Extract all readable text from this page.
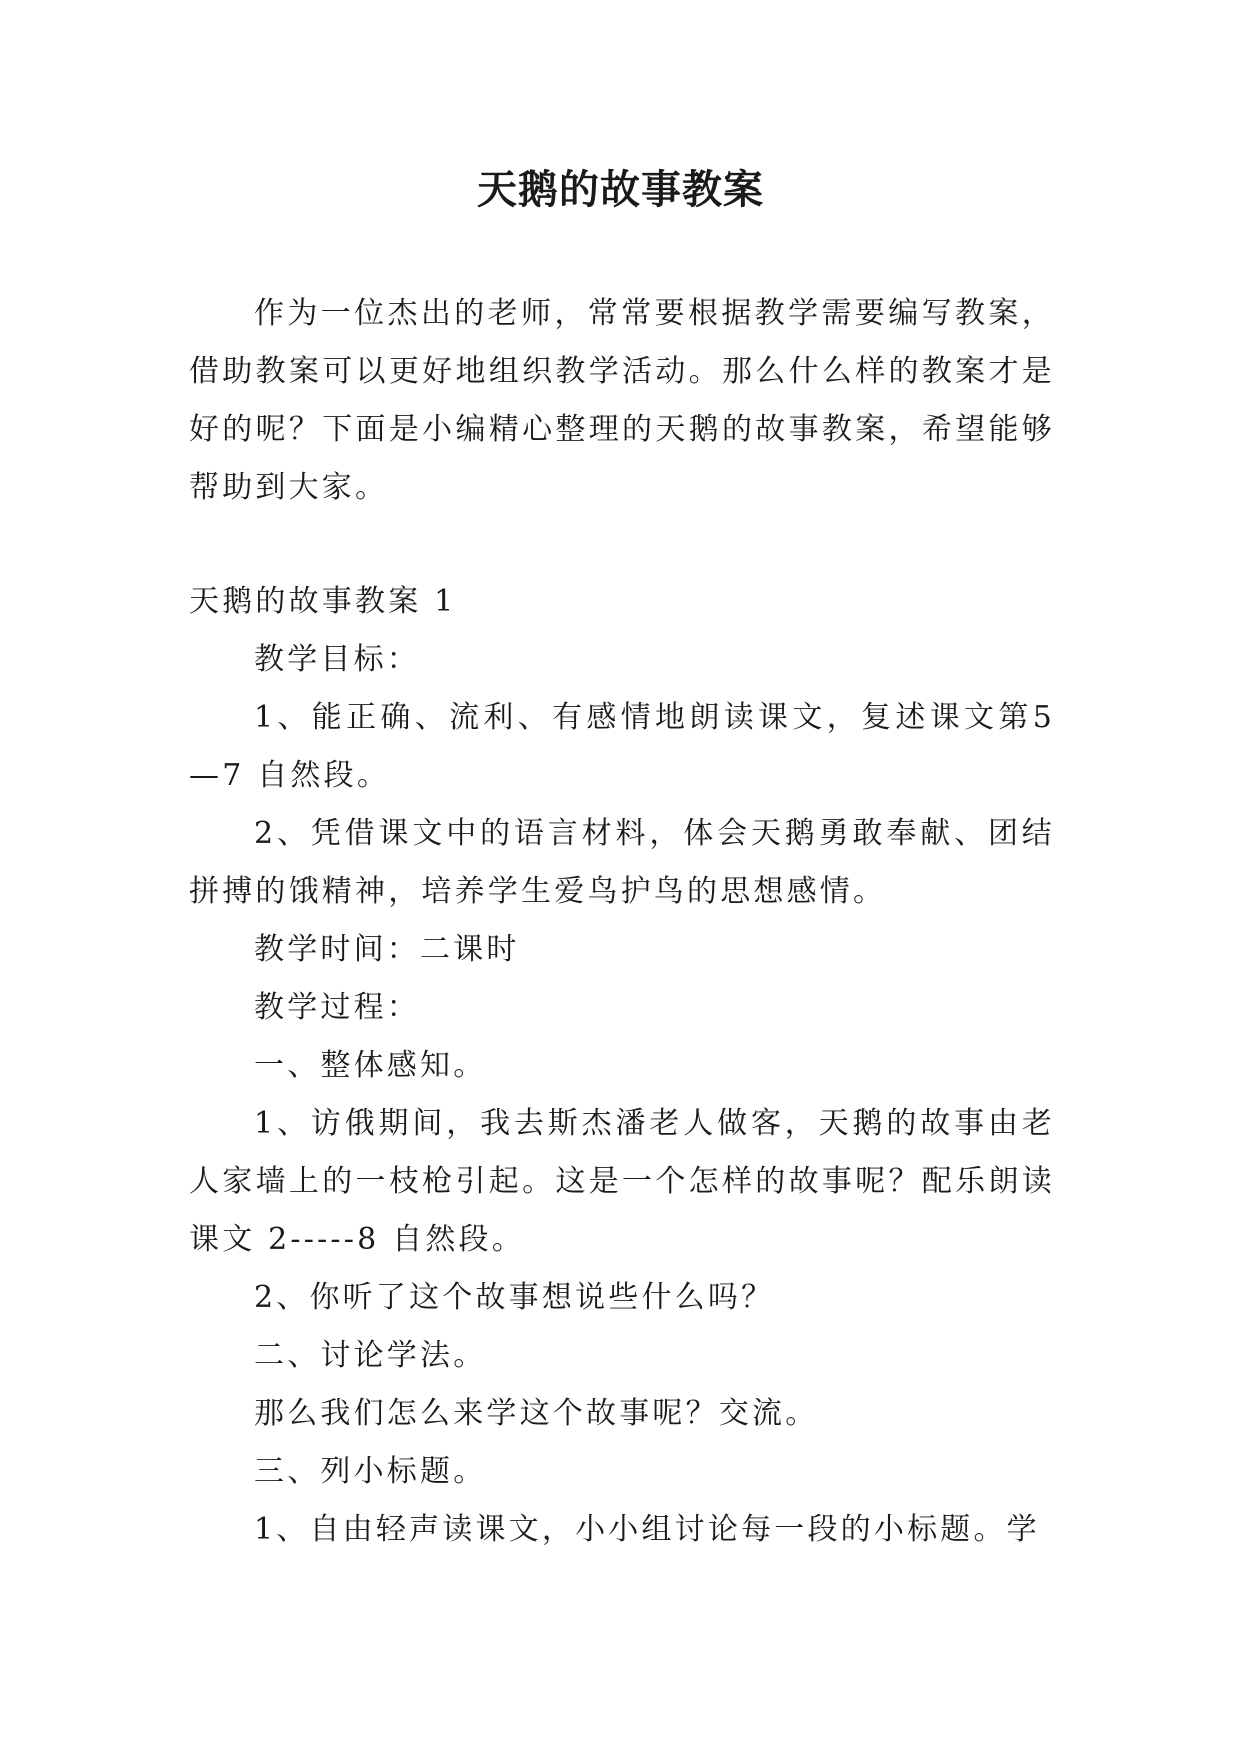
天鹅的故事教案

作为一位杰出的老师，常常要根据教学需要编写教案，借助教案可以更好地组织教学活动。那么什么样的教案才是好的呢？下面是小编精心整理的天鹅的故事教案，希望能够帮助到大家。

天鹅的故事教案 1

教学目标：

1、能正确、流利、有感情地朗读课文，复述课文第5—7 自然段。

2、凭借课文中的语言材料，体会天鹅勇敢奉献、团结拼搏的饿精神，培养学生爱鸟护鸟的思想感情。

教学时间：二课时

教学过程：

一、整体感知。

1、访俄期间，我去斯杰潘老人做客，天鹅的故事由老人家墙上的一枝枪引起。这是一个怎样的故事呢？配乐朗读课文 2-----8 自然段。

2、你听了这个故事想说些什么吗？

二、讨论学法。

那么我们怎么来学这个故事呢？交流。

三、列小标题。

1、自由轻声读课文，小小组讨论每一段的小标题。学
